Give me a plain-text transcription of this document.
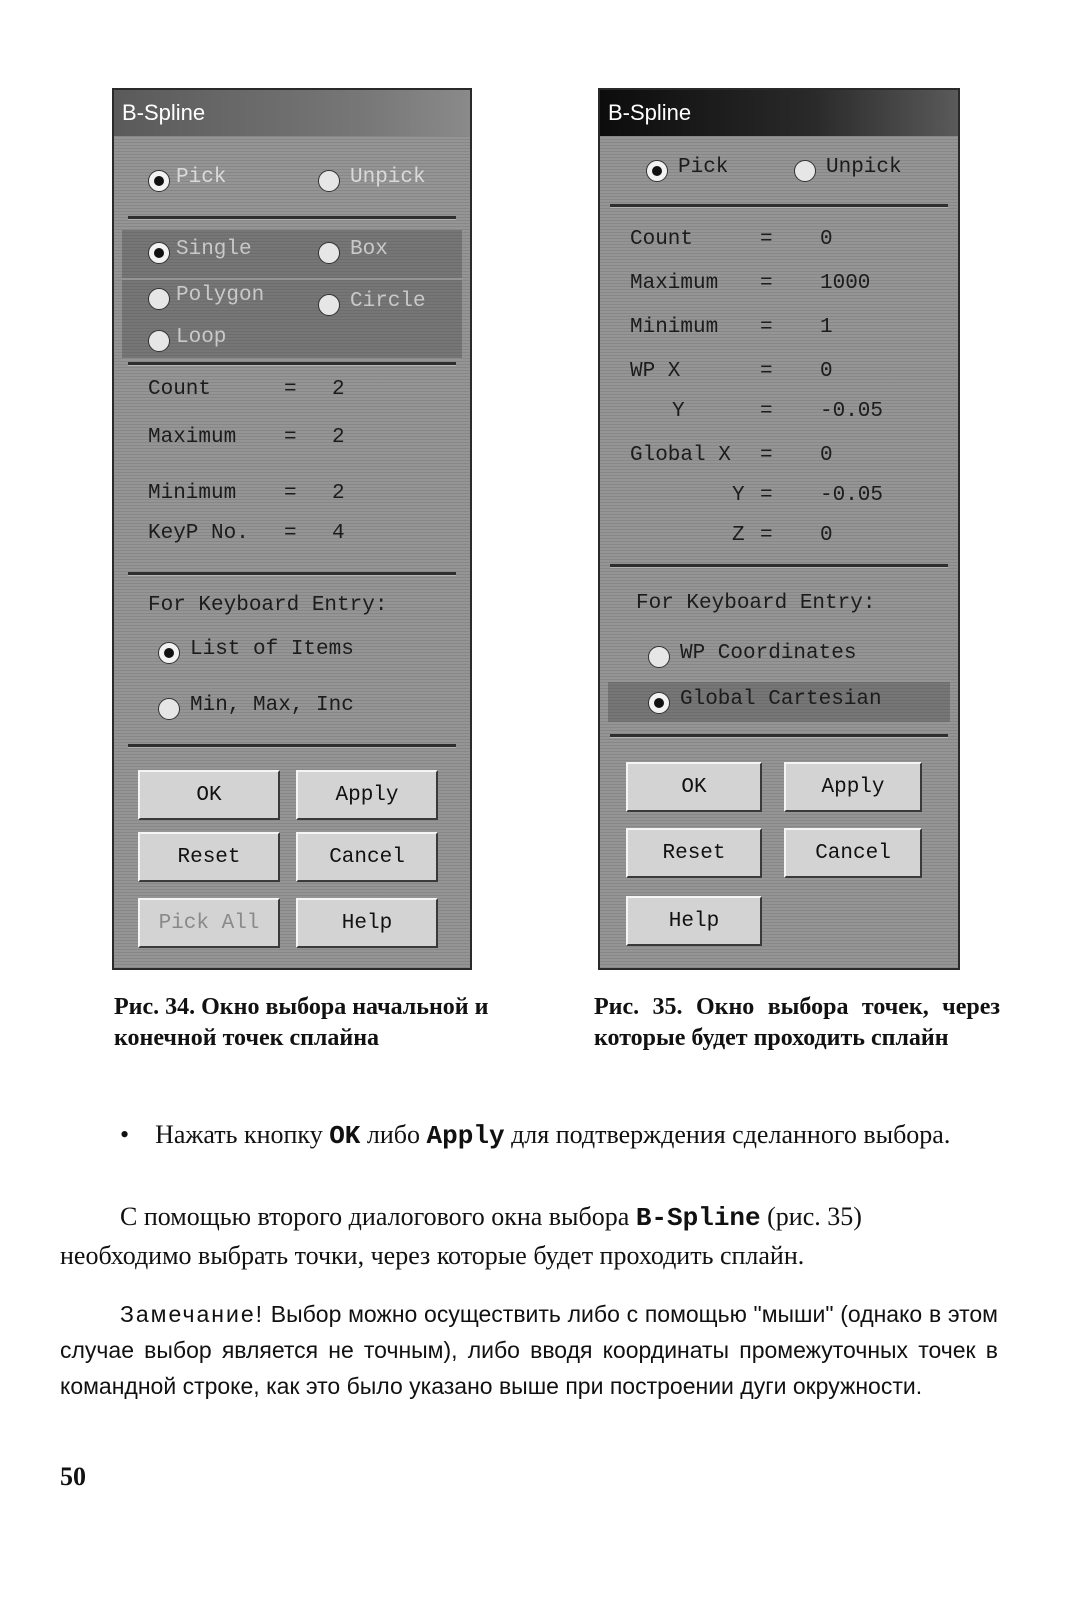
B-Spline
Pick	Unpick
Single	Box
Polygon	Circle
Loop
Count	= 2
Maximum = 2
Minimum = 2
KeyP No. = 4
For Keyboard Entry:
List of Items
Min, Max, Inc
OK	Apply
Reset	Cancel
Pick All	Help
B-Spline
Pick	Unpick
Count	= 0
Maximum = 1000
Minimum = 1
WP X	= 0
Y	= -0.05
Global X = 0
Y = -0.05
Z = 0
For Keyboard Entry:
WP Coordinates
Global Cartesian
OK	Apply
Reset	Cancel
Help
Рис. 34. Окно выбора начальной и конечной точек сплайна
Рис. 35. Окно выбора точек, через которые будет проходить сплайн
• Нажать кнопку OK либо Apply для подтверждения сделанного выбора.
С помощью второго диалогового окна выбора B-Spline (рис. 35) необходимо выбрать точки, через которые будет проходить сплайн.
Замечание! Выбор можно осуществить либо с помощью "мыши" (однако в этом случае выбор является не точным), либо вводя координаты промежуточных точек в командной строке, как это было указано выше при построении дуги окружности.
50
